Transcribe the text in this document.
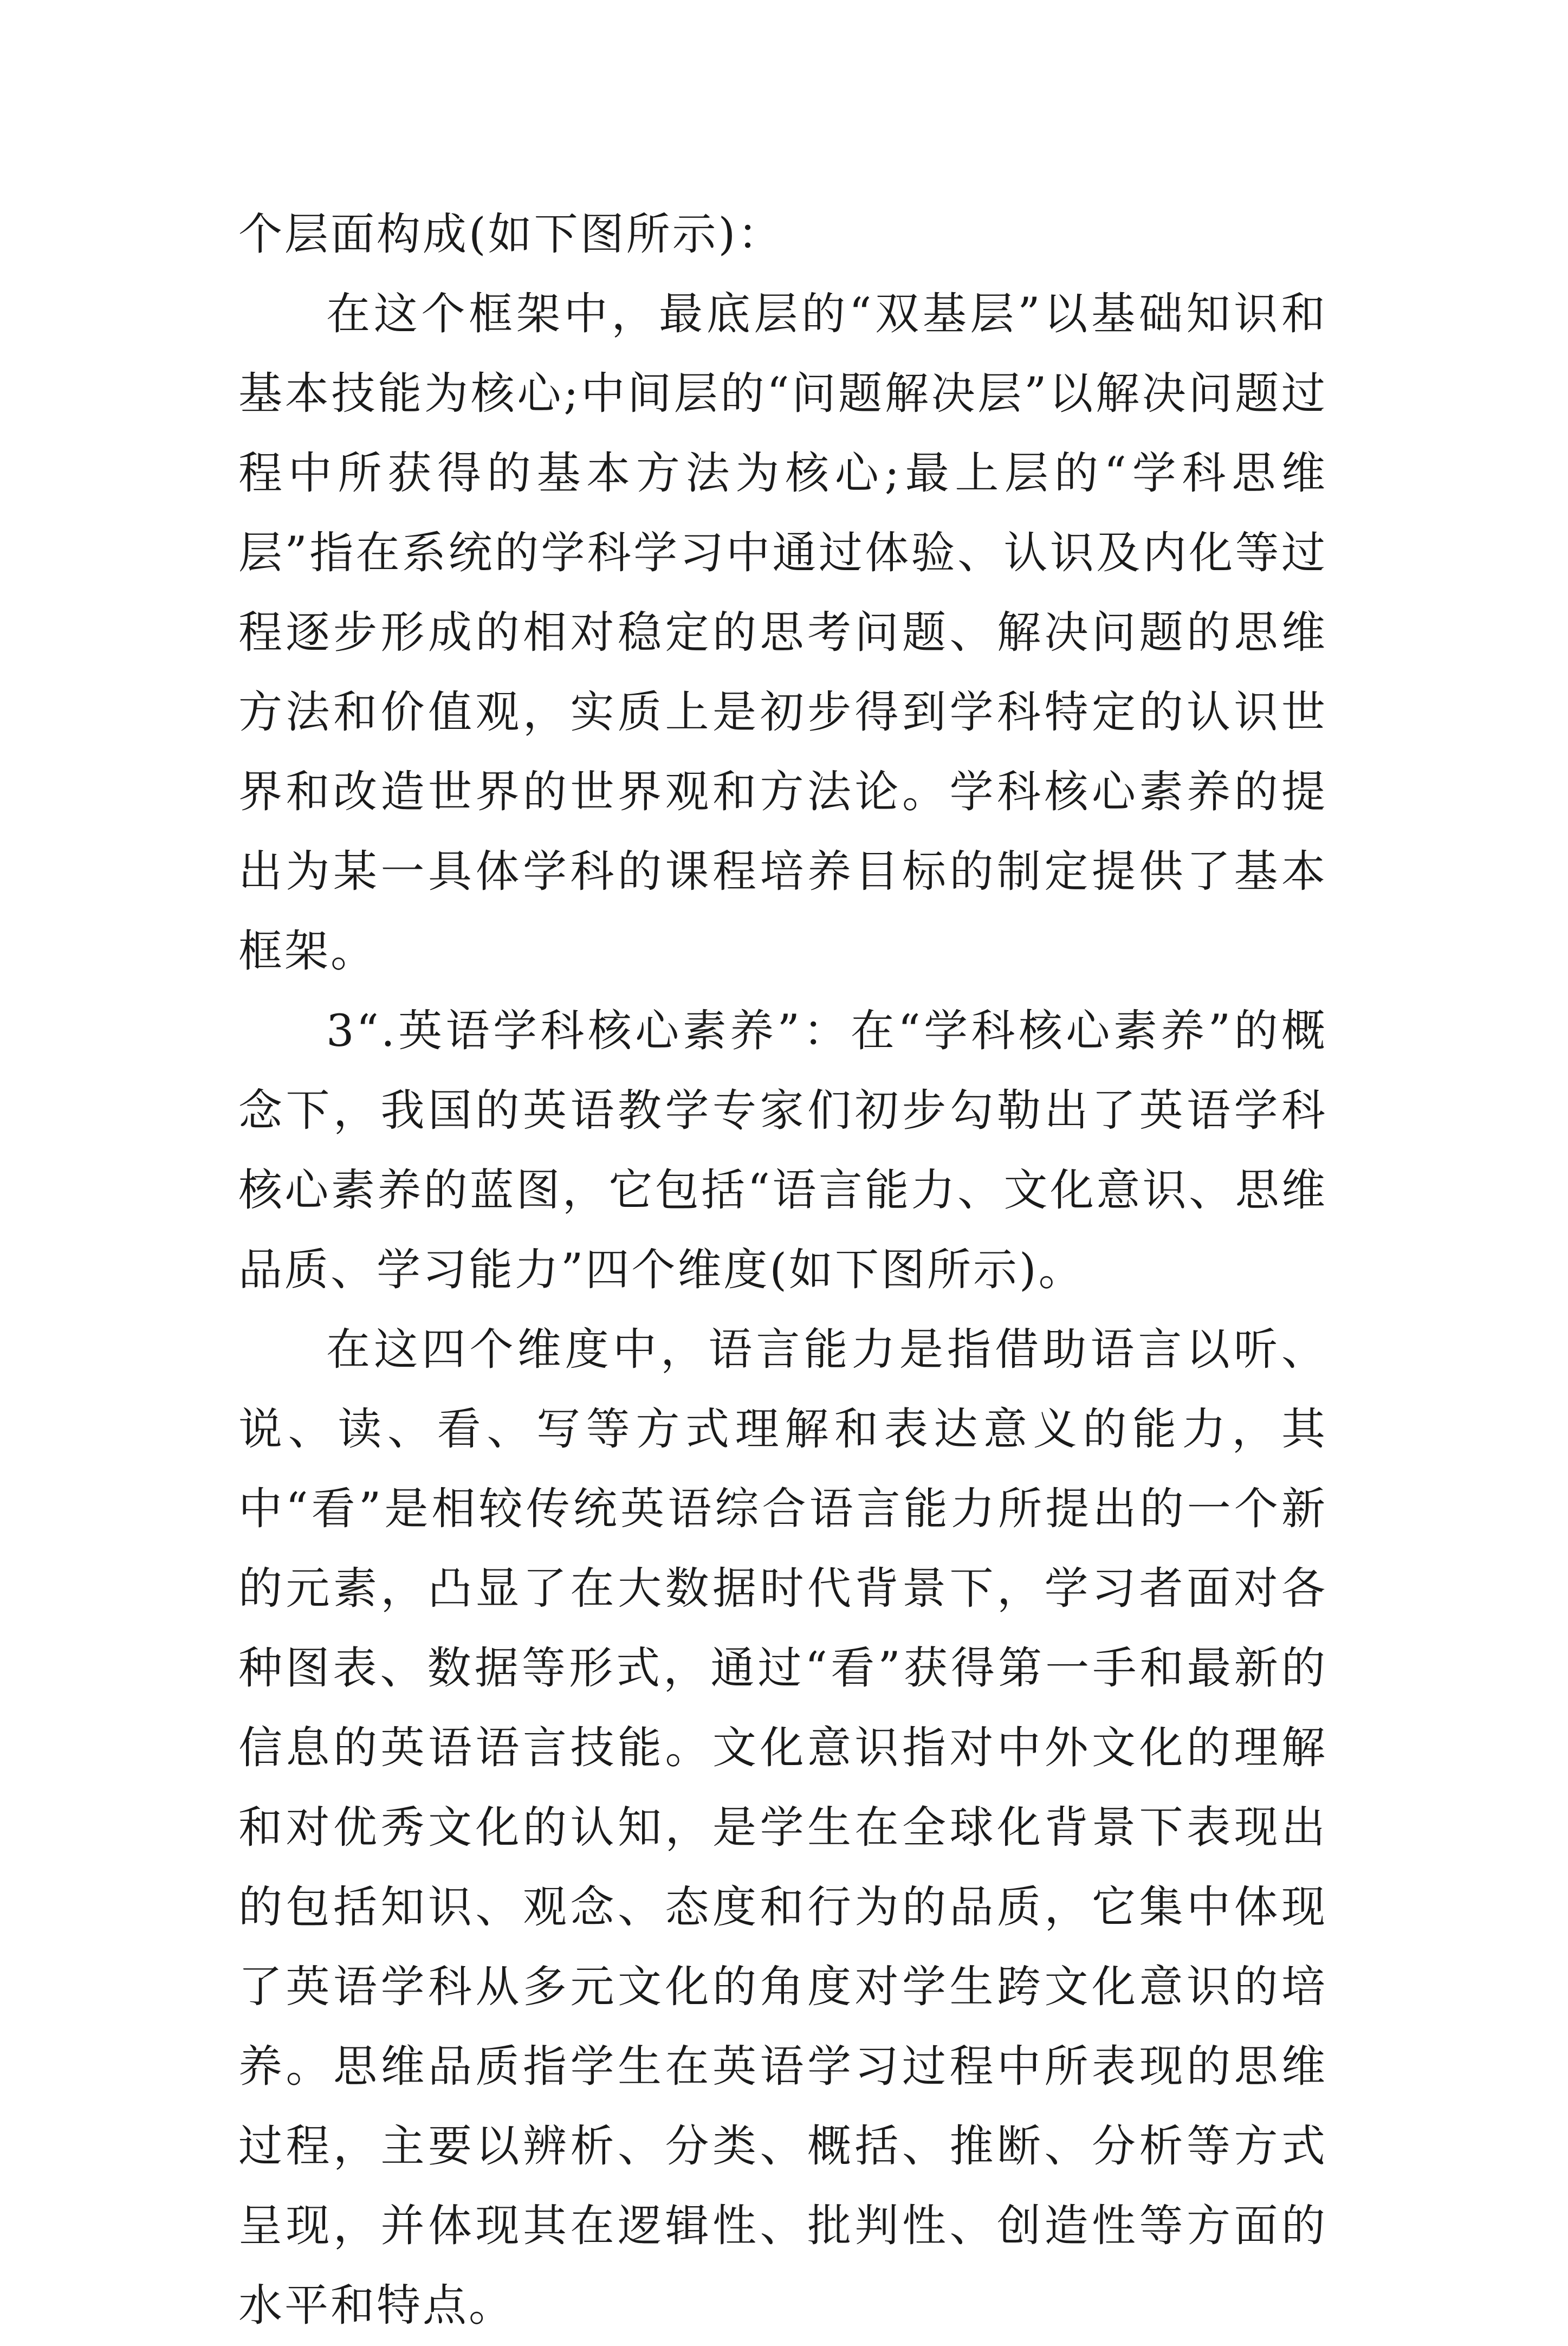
个层面构成(如下图所示)：

在这个框架中，最底层的“双基层”以基础知识和基本技能为核心;中间层的“问题解决层”以解决问题过程中所获得的基本方法为核心;最上层的“学科思维层”指在系统的学科学习中通过体验、认识及内化等过程逐步形成的相对稳定的思考问题、解决问题的思维方法和价值观，实质上是初步得到学科特定的认识世界和改造世界的世界观和方法论。学科核心素养的提出为某一具体学科的课程培养目标的制定提供了基本框架。

3“.英语学科核心素养”：在“学科核心素养”的概念下，我国的英语教学专家们初步勾勒出了英语学科核心素养的蓝图，它包括“语言能力、文化意识、思维品质、学习能力”四个维度(如下图所示)。

在这四个维度中，语言能力是指借助语言以听、说、读、看、写等方式理解和表达意义的能力，其中“看”是相较传统英语综合语言能力所提出的一个新的元素，凸显了在大数据时代背景下，学习者面对各种图表、数据等形式，通过“看”获得第一手和最新的信息的英语语言技能。文化意识指对中外文化的理解和对优秀文化的认知，是学生在全球化背景下表现出的包括知识、观念、态度和行为的品质，它集中体现了英语学科从多元文化的角度对学生跨文化意识的培养。思维品质指学生在英语学习过程中所表现的思维过程，主要以辨析、分类、概括、推断、分析等方式呈现，并体现其在逻辑性、批判性、创造性等方面的水平和特点。
